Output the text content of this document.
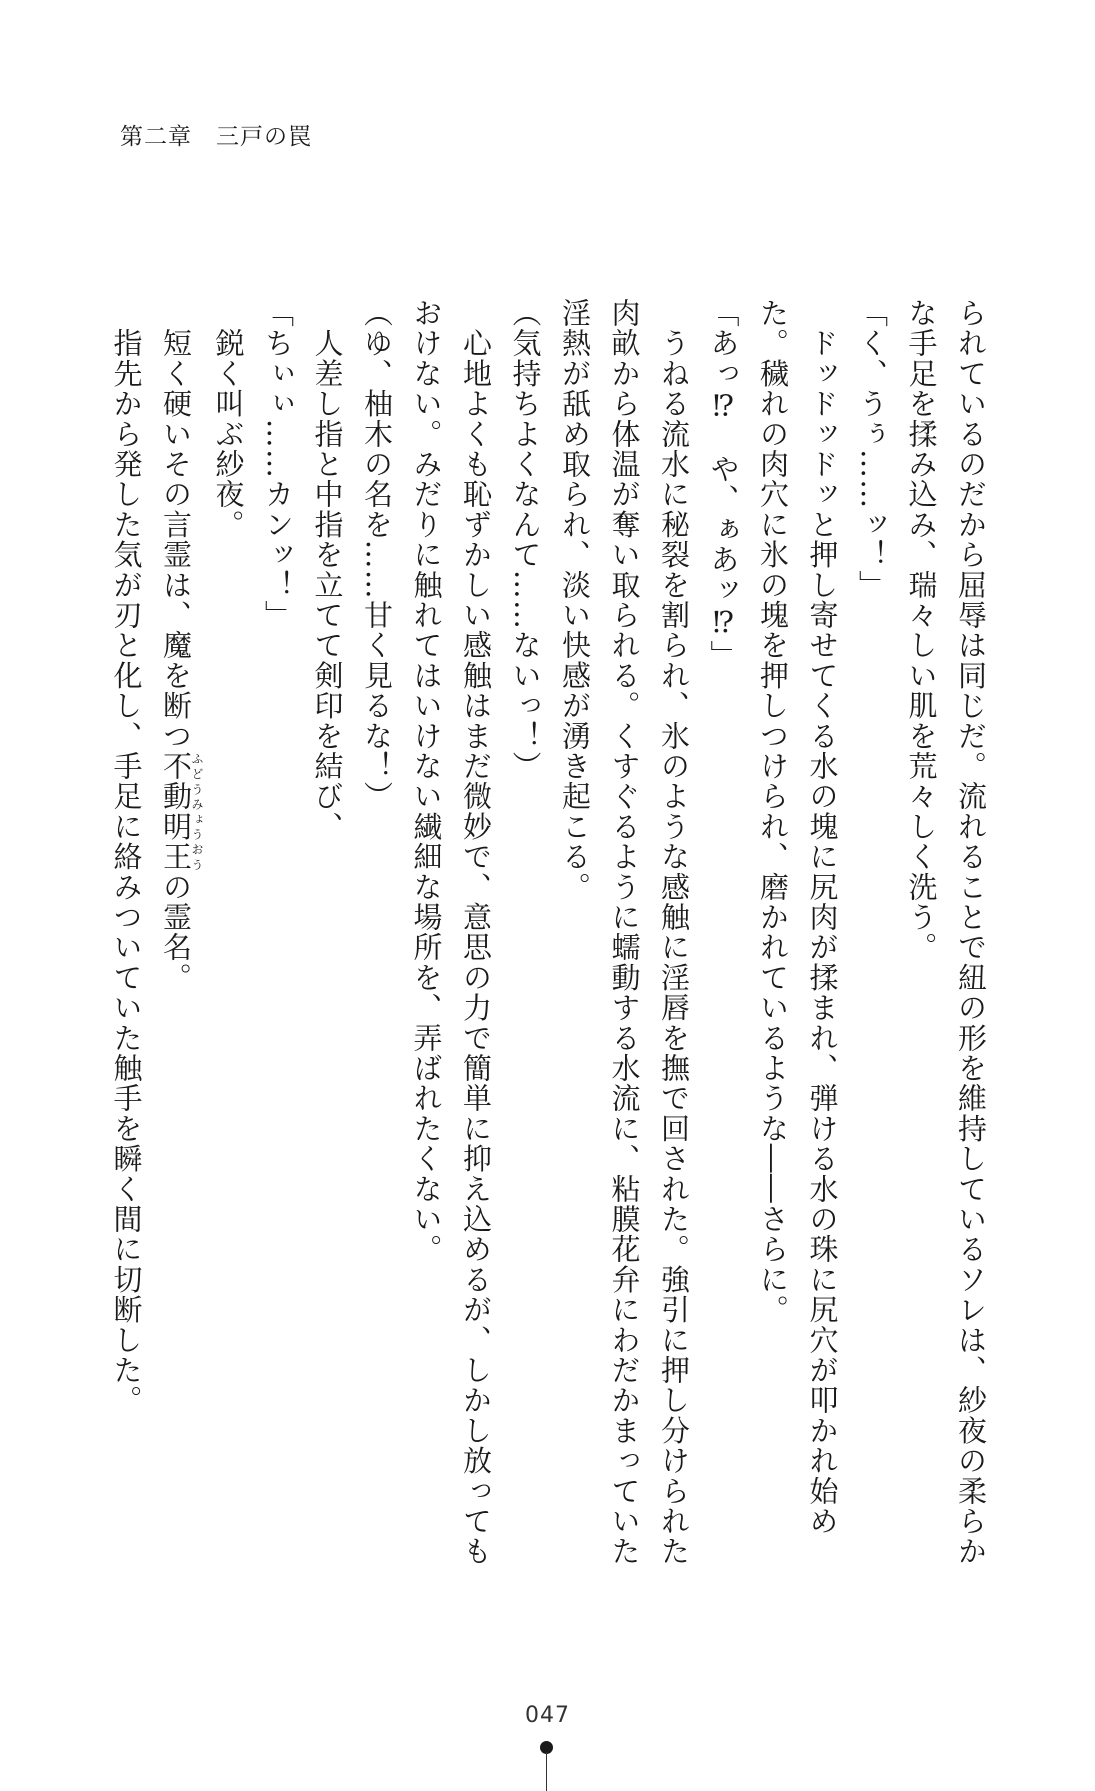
第二章　三戸の罠

られているのだから屈辱は同じだ。流れることで紐の形を維持しているソレは、紗夜の柔らかな手足を揉み込み、瑞々しい肌を荒々しく洗う。

「く、うぅ……ッ！」

　ドッドッドッと押し寄せてくる水の塊に尻肉が揉まれ、弾ける水の珠に尻穴が叩かれ始めた。穢れの肉穴に氷の塊を押しつけられ、磨かれているような――さらに。

「あっ⁉　や、ぁあッ⁉」

　うねる流水に秘裂を割られ、氷のような感触に淫唇を撫で回された。強引に押し分けられた肉畝から体温が奪い取られる。くすぐるように蠕動する水流に、粘膜花弁にわだかまっていた淫熱が舐め取られ、淡い快感が湧き起こる。

（気持ちよくなんて……ないっ！）

　心地よくも恥ずかしい感触はまだ微妙で、意思の力で簡単に抑え込めるが、しかし放ってもおけない。みだりに触れてはいけない繊細な場所を、弄ばれたくない。

（ゆ、柚木の名を……甘く見るな！）

　人差し指と中指を立てて剣印を結び、

「ちぃぃ……カンッ！」

　鋭く叫ぶ紗夜。

　短く硬いその言霊は、魔を断つ不動明王ふどうみょうおうの霊名。

　指先から発した気が刃と化し、手足に絡みついていた触手を瞬く間に切断した。

047
